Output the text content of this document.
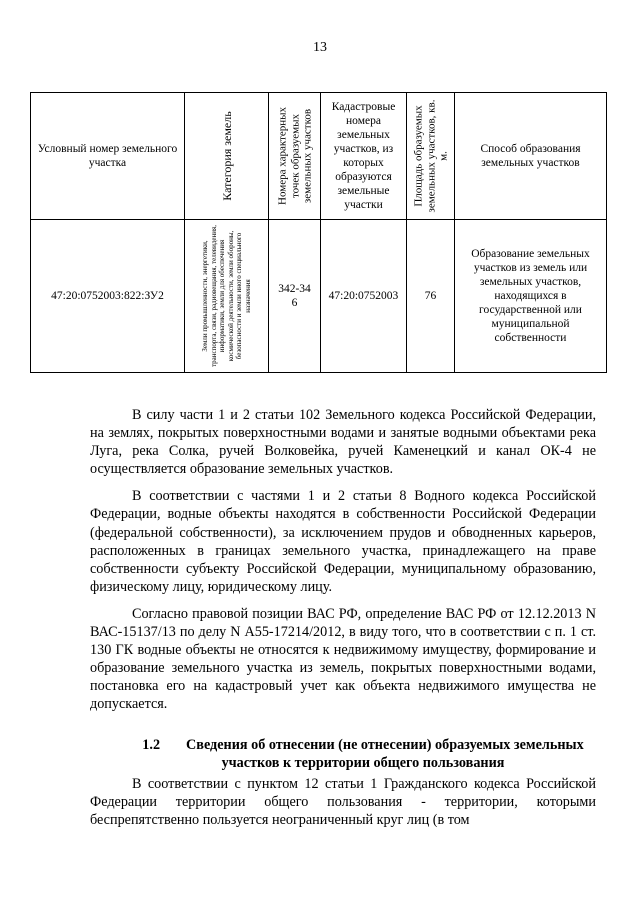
13
Условный номер земельного участка	Категория земель	Номера характерных точек образуемых земельных участков	Кадастровые номера земельных участков, из которых образуются земельные участки	Площадь образуемых земельных участков, кв. м.	Способ образования земельных участков

47:20:0752003:822:ЗУ2	Земли промышленности, энергетики, транспорта, связи, радиовещания, телевидения, информатики, земли для обеспечения космической деятельности, земли обороны, безопасности и земли иного специального назначения	342-346	47:20:0752003	76	Образование земельных участков из земель или земельных участков, находящихся в государственной или муниципальной собственности

В силу части 1 и 2 статьи 102 Земельного кодекса Российской Федерации, на землях, покрытых поверхностными водами и занятые водными объектами река Луга, река Солка, ручей Волковейка, ручей Каменецкий и канал ОК-4 не осуществляется образование земельных участков.

В соответствии с частями 1 и 2 статьи 8 Водного кодекса Российской Федерации, водные объекты находятся в собственности Российской Федерации (федеральной собственности), за исключением прудов и обводненных карьеров, расположенных в границах земельного участка, принадлежащего на праве собственности субъекту Российской Федерации, муниципальному образованию, физическому лицу, юридическому лицу.

Согласно правовой позиции ВАС РФ, определение ВАС РФ от 12.12.2013 N ВАС-15137/13 по делу N А55-17214/2012, в виду того, что в соответствии с п. 1 ст. 130 ГК водные объекты не относятся к недвижимому имуществу, формирование и образование земельного участка из земель, покрытых поверхностными водами, постановка его на кадастровый учет как объекта недвижимого имущества не допускается.

1.2 Сведения об отнесении (не отнесении) образуемых земельных участков к территории общего пользования

В соответствии с пунктом 12 статьи 1 Гражданского кодекса Российской Федерации территории общего пользования - территории, которыми беспрепятственно пользуется неограниченный круг лиц (в том
